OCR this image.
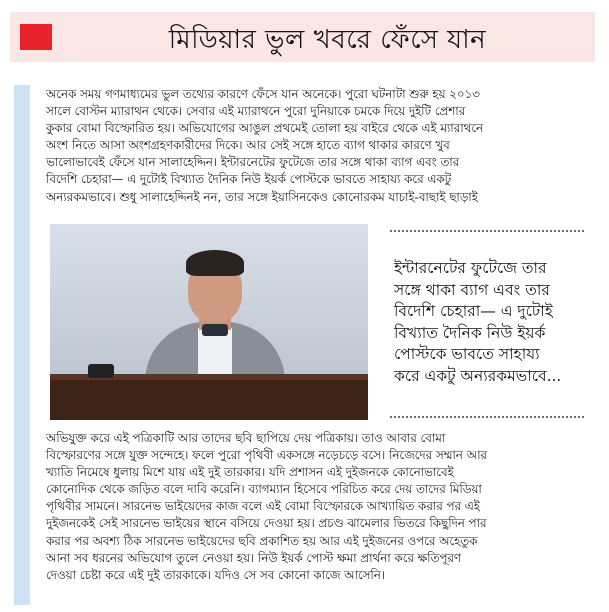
মিডিয়ার ভুল খবরে ফেঁসে যান
অনেক সময় গণমাধ্যমের ভুল তথ্যের কারণে ফেঁসে যান অনেকে। পুরো ঘটনাটা শুরু হয় ২০১৩
সালে বোস্টন ম্যারাথন থেকে। সেবার এই ম্যারাথনে পুরো দুনিয়াকে চমকে দিয়ে দুইটি প্রেশার
কুকার বোমা বিস্ফোরিত হয়। অভিযোগের আঙুল প্রথমেই তোলা হয় বাইরে থেকে এই ম্যারাথনে
অংশ নিতে আসা অংশগ্রহণকারীদের দিকে। আর সেই সঙ্গে হাতে ব্যাগ থাকার কারণে খুব
ভালোভাবেই ফেঁসে যান সালাহেদ্দিন। ইন্টারনেটের ফুটেজে তার সঙ্গে থাকা ব্যাগ এবং তার
বিদেশি চেহারা— এ দুটোই বিখ্যাত দৈনিক নিউ ইয়র্ক পোস্টকে ভাবতে সাহায্য করে একটু
অন্যরকমভাবে। শুধু সালাহেদ্দিনই নন, তার সঙ্গে ইয়াসিনকেও কোনোরকম যাচাই-বাছাই ছাড়াই
ইন্টারনেটের ফুটেজে তার
সঙ্গে থাকা ব্যাগ এবং তার
বিদেশি চেহারা— এ দুটোই
বিখ্যাত দৈনিক নিউ ইয়র্ক
পোস্টকে ভাবতে সাহায্য
করে একটু অন্যরকমভাবে...
অভিযুক্ত করে এই পত্রিকাটি আর তাদের ছবি ছাপিয়ে দেয় পত্রিকায়। তাও আবার বোমা
বিস্ফোরণের সঙ্গে যুক্ত সন্দেহে। ফলে পুরো পৃথিবী একসঙ্গে নড়েচড়ে বসে। নিজেদের সম্মান আর
খ্যাতি নিমেষে ধুলায় মিশে যায় এই দুই তারকার। যদি প্রশাসন এই দুইজনকে কোনোভাবেই
কোনোদিক থেকে জড়িত বলে দাবি করেনি। ব্যাগম্যান হিসেবে পরিচিত করে দেয় তাদের মিডিয়া
পৃথিবীর সামনে। সারনেভ ভাইয়েদের কাজ বলে এই বোমা বিস্ফোরকে আখ্যায়িত করার পর এই
দুইজনকেই সেই সারনেভ ভাইয়ের স্থানে বসিয়ে দেওয়া হয়। প্রচণ্ড ঝামেলার ভিতরে কিছুদিন পার
করার পর অবশ্য ঠিক সারনেভ ভাইয়েদের ছবি প্রকাশিত হয় আর এই দুইজনের ওপরে অহেতুক
আনা সব ধরনের অভিযোগ তুলে নেওয়া হয়। নিউ ইয়র্ক পোস্ট ক্ষমা প্রার্থনা করে ক্ষতিপূরণ
দেওয়া চেষ্টা করে এই দুই তারকাকে। যদিও সে সব কোনো কাজে আসেনি।
